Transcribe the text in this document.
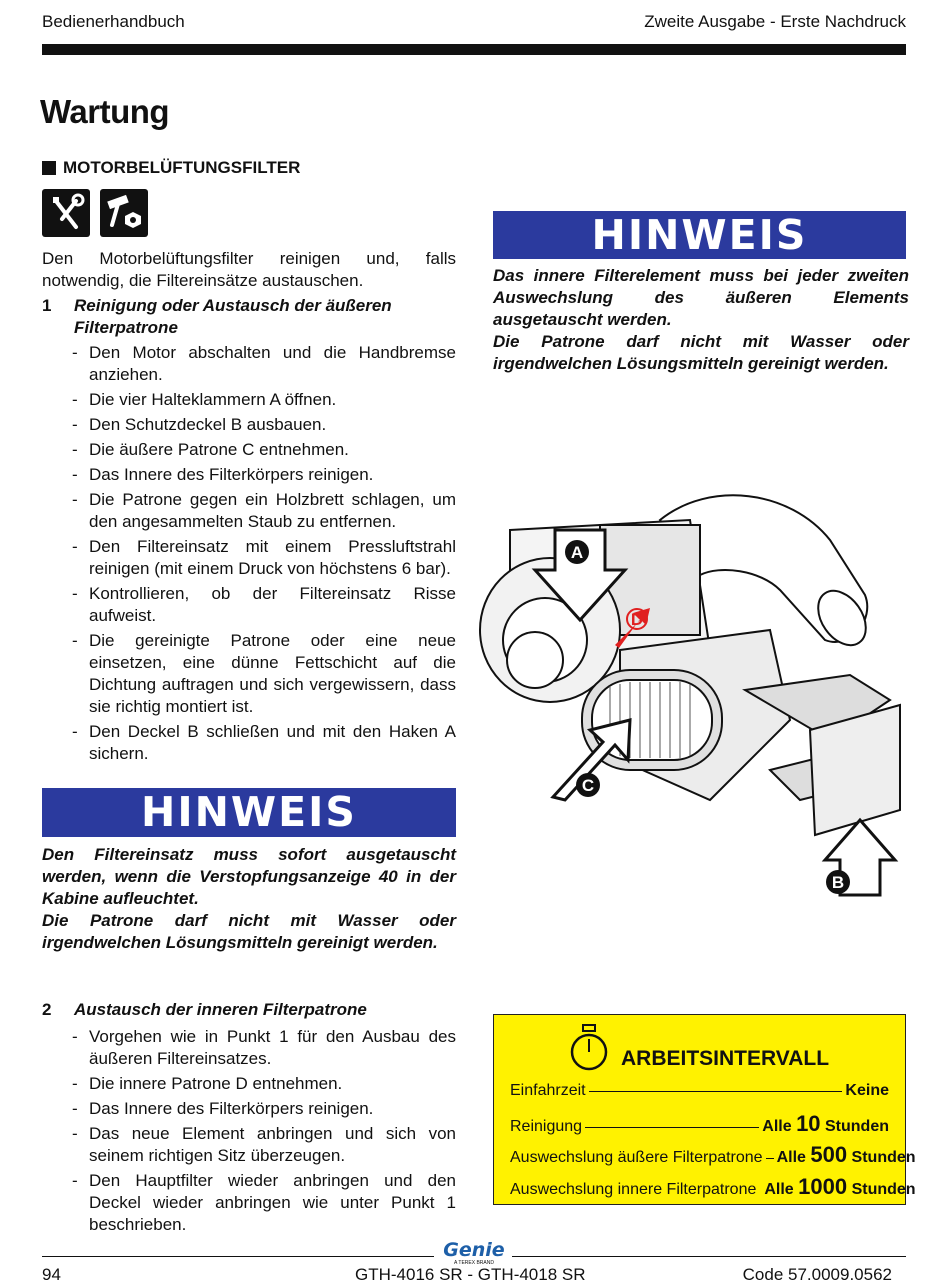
Bedienerhandbuch	Zweite Ausgabe - Erste Nachdruck
Wartung
MOTORBELÜFTUNGSFILTER
Den Motorbelüftungsfilter reinigen und, falls notwendig, die Filtereinsätze austauschen.
1 Reinigung oder Austausch der äußeren Filterpatrone
- Den Motor abschalten und die Handbremse anziehen.
- Die vier Halteklammern A öffnen.
- Den Schutzdeckel B ausbauen.
- Die äußere Patrone C entnehmen.
- Das Innere des Filterkörpers reinigen.
- Die Patrone gegen ein Holzbrett schlagen, um den angesammelten Staub zu entfernen.
- Den Filtereinsatz mit einem Pressluftstrahl reinigen (mit einem Druck von höchstens 6 bar).
- Kontrollieren, ob der Filtereinsatz Risse aufweist.
- Die gereinigte Patrone oder eine neue einsetzen, eine dünne Fettschicht auf die Dichtung auftragen und sich vergewissern, dass sie richtig montiert ist.
- Den Deckel B schließen und mit den Haken A sichern.
HINWEIS
Den Filtereinsatz muss sofort ausgetauscht werden, wenn die Verstopfungsanzeige 40 in der Kabine aufleuchtet.
Die Patrone darf nicht mit Wasser oder irgendwelchen Lösungsmitteln gereinigt werden.
2 Austausch der inneren Filterpatrone
- Vorgehen wie in Punkt 1 für den Ausbau des äußeren Filtereinsatzes.
- Die innere Patrone D entnehmen.
- Das Innere des Filterkörpers reinigen.
- Das neue Element anbringen und sich von seinem richtigen Sitz überzeugen.
- Den Hauptfilter wieder anbringen und den Deckel wieder anbringen wie unter Punkt 1 beschrieben.
HINWEIS
Das innere Filterelement muss bei jeder zweiten Auswechslung des äußeren Elements ausgetauscht werden.
Die Patrone darf nicht mit Wasser oder irgendwelchen Lösungsmitteln gereinigt werden.
A
B
C
D
ARBEITSINTERVALL
Einfahrzeit	Keine
Reinigung	Alle 10 Stunden
Auswechslung äußere Filterpatrone Alle 500 Stunden
Auswechslung innere Filterpatrone Alle 1000 Stunden
Genie
A TEREX BRAND
94	GTH-4016 SR - GTH-4018 SR	Code 57.0009.0562
